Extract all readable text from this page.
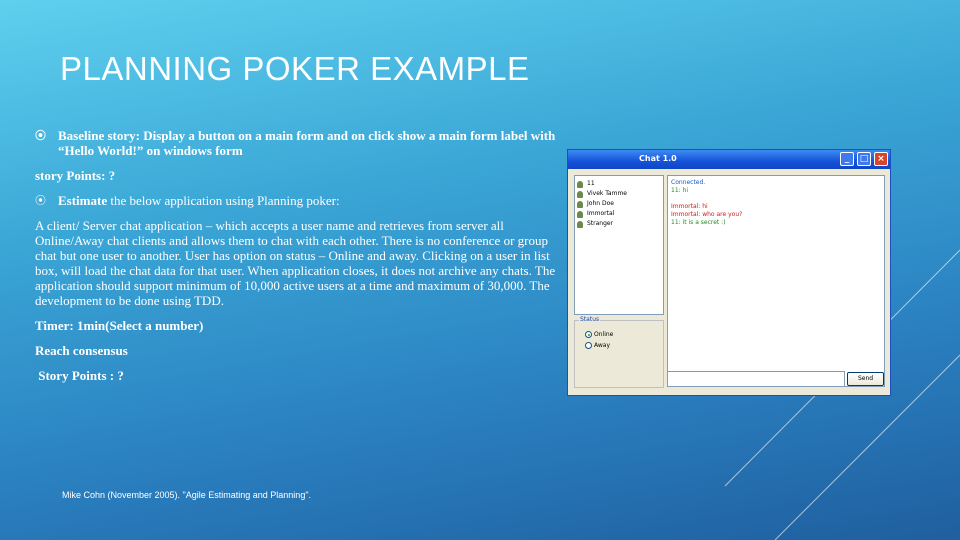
PLANNING POKER EXAMPLE
⦿ Baseline story: Display a button on a main form and on click show a main form label with “Hello World!” on windows form
story Points: ?
⦿ Estimate the below application using Planning poker:
A client/ Server chat application – which accepts a user name and retrieves from server all Online/Away chat clients and allows them to chat with each other. There is no conference or group chat but one user to another. User has option on status – Online and away. Clicking on a user in list box, will load the chat data for that user. When application closes, it does not archive any chats. The application should support minimum of 10,000 active users at a time and maximum of 30,000. The development to be done using TDD.
Timer: 1min(Select a number)
Reach consensus
Story Points : ?
Chat 1.0	_	□ ×
11
Vivek Tamme
John Doe
Immortal
Stranger
Connected.
11: hi
Immortal: hi
Immortal: who are you?
11: it is a secret :)
Status
Online
Away
Send
Mike Cohn (November 2005). "Agile Estimating and Planning".
